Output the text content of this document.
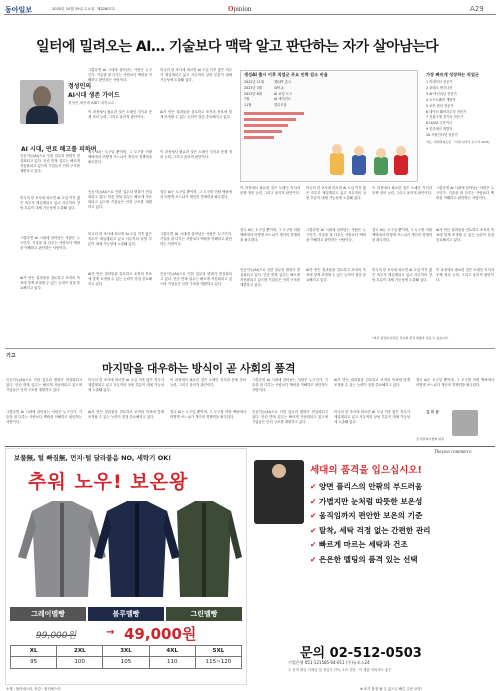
동아일보	2025년 10월 29일 수요일 제32807호	Opinion	A29
일터에 밀려오는 AI… 기술보다 맥락 알고 판단하는 자가 살아남는다
정성민의
AI시대 생존 가이드
정성민 세종대 AIBT 대학교수
AI 시대, 연료 해고를 피하며
인공지능(AI)으로 인한 업무의 변화가 현실화되고 있다. 단순 반복 업무는 빠르게 자동화되고 있으며 기업들은 인력 구조를 재편하고 있다.
미국의 한 조사에 따르면 AI 도입 이후 많은 직무가 재설계되고 있고 사무직의 상당 부분이 대체 가능성에 노출돼 있다.
그렇다면 AI 시대에 살아남는 사람은 누구인가. 기술을 잘 다루는 사람보다 맥락을 이해하고 판단하는 사람이다.
AI가 만든 결과물을 검토하고 조직의 목표에 맞게 조정할 수 있는 능력이 점점 중요해지고 있다.
그렇다면 AI 시대에 살아남는 사람은 누구인가. 기술을 잘 다루는 사람보다 맥락을 이해하고 판단하는 사람이다.
이 과정에서 필요한 것은 도메인 지식과 문제 정의 능력, 그리고 윤리적 판단이다.
결국 AI는 도구일 뿐이며, 그 도구를 어떤 맥락에서 어떻게 쓰느냐가 개인의 경쟁력을 좌우한다.
인공지능(AI)으로 인한 업무의 변화가 현실화되고 있다. 단순 반복 업무는 빠르게 자동화되고 있으며 기업들은 인력 구조를 재편하고 있다.
미국의 한 조사에 따르면 AI 도입 이후 많은 직무가 재설계되고 있고 사무직의 상당 부분이 대체 가능성에 노출돼 있다.
AI가 만든 결과물을 검토하고 조직의 목표에 맞게 조정할 수 있는 능력이 점점 중요해지고 있다.
미국의 한 조사에 따르면 AI 도입 이후 많은 직무가 재설계되고 있고 사무직의 상당 부분이 대체 가능성에 노출돼 있다.
AI가 만든 결과물을 검토하고 조직의 목표에 맞게 조정할 수 있는 능력이 점점 중요해지고 있다.
이 과정에서 필요한 것은 도메인 지식과 문제 정의 능력, 그리고 윤리적 판단이다.
결국 AI는 도구일 뿐이며, 그 도구를 어떤 맥락에서 어떻게 쓰느냐가 개인의 경쟁력을 좌우한다.
그렇다면 AI 시대에 살아남는 사람은 누구인가. 기술을 잘 다루는 사람보다 맥락을 이해하고 판단하는 사람이다.
인공지능(AI)으로 인한 업무의 변화가 현실화되고 있다. 단순 반복 업무는 빠르게 자동화되고 있으며 기업들은 인력 구조를 재편하고 있다.
생성AI 출시 이후 직업군 주요 인력 감소 비율
2022년 11월	챗GPT 출시
2023년 3월	GPT-4
2023년 6월	AI 코딩 도구
7월	AI 에이전트
11월	멀티모달
가장 빠르게 성장하는 직업군
1 빅데이터 전문가
2 핀테크 엔지니어
3 AI·머신러닝 전문가
4 소프트웨어 개발자
5 보안 관리 전문가
6 데이터 웨어하우징 전문가
7 자율주행 전기차 전문가
8 UI/UX 디자이너
9 블록체인 개발자
10 사물인터넷 전문가
자료: 세계경제포럼 「미래 일자리 보고서 2025」
이 과정에서 필요한 것은 도메인 지식과 문제 정의 능력, 그리고 윤리적 판단이다.
결국 AI는 도구일 뿐이며, 그 도구를 어떤 맥락에서 어떻게 쓰느냐가 개인의 경쟁력을 좌우한다.
인공지능(AI)으로 인한 업무의 변화가 현실화되고 있다. 단순 반복 업무는 빠르게 자동화되고 있으며 기업들은 인력 구조를 재편하고 있다.
미국의 한 조사에 따르면 AI 도입 이후 많은 직무가 재설계되고 있고 사무직의 상당 부분이 대체 가능성에 노출돼 있다.
그렇다면 AI 시대에 살아남는 사람은 누구인가. 기술을 잘 다루는 사람보다 맥락을 이해하고 판단하는 사람이다.
AI가 만든 결과물을 검토하고 조직의 목표에 맞게 조정할 수 있는 능력이 점점 중요해지고 있다.
이 과정에서 필요한 것은 도메인 지식과 문제 정의 능력, 그리고 윤리적 판단이다.
결국 AI는 도구일 뿐이며, 그 도구를 어떤 맥락에서 어떻게 쓰느냐가 개인의 경쟁력을 좌우한다.
미국의 한 조사에 따르면 AI 도입 이후 많은 직무가 재설계되고 있고 사무직의 상당 부분이 대체 가능성에 노출돼 있다.
그렇다면 AI 시대에 살아남는 사람은 누구인가. 기술을 잘 다루는 사람보다 맥락을 이해하고 판단하는 사람이다.
AI가 만든 결과물을 검토하고 조직의 목표에 맞게 조정할 수 있는 능력이 점점 중요해지고 있다.
이 과정에서 필요한 것은 도메인 지식과 문제 정의 능력, 그리고 윤리적 판단이다.
*외부 필진의 칼럼은 본보의 편집 방향과 다를 수 있습니다.
기고
마지막을 대우하는 방식이 곧 사회의 품격
인공지능(AI)으로 인한 업무의 변화가 현실화되고 있다. 단순 반복 업무는 빠르게 자동화되고 있으며 기업들은 인력 구조를 재편하고 있다.
그렇다면 AI 시대에 살아남는 사람은 누구인가. 기술을 잘 다루는 사람보다 맥락을 이해하고 판단하는 사람이다.
미국의 한 조사에 따르면 AI 도입 이후 많은 직무가 재설계되고 있고 사무직의 상당 부분이 대체 가능성에 노출돼 있다.
AI가 만든 결과물을 검토하고 조직의 목표에 맞게 조정할 수 있는 능력이 점점 중요해지고 있다.
이 과정에서 필요한 것은 도메인 지식과 문제 정의 능력, 그리고 윤리적 판단이다.
결국 AI는 도구일 뿐이며, 그 도구를 어떤 맥락에서 어떻게 쓰느냐가 개인의 경쟁력을 좌우한다.
그렇다면 AI 시대에 살아남는 사람은 누구인가. 기술을 잘 다루는 사람보다 맥락을 이해하고 판단하는 사람이다.
인공지능(AI)으로 인한 업무의 변화가 현실화되고 있다. 단순 반복 업무는 빠르게 자동화되고 있으며 기업들은 인력 구조를 재편하고 있다.
AI가 만든 결과물을 검토하고 조직의 목표에 맞게 조정할 수 있는 능력이 점점 중요해지고 있다.
미국의 한 조사에 따르면 AI 도입 이후 많은 직무가 재설계되고 있고 사무직의 상당 부분이 대체 가능성에 노출돼 있다.
결국 AI는 도구일 뿐이며, 그 도구를 어떤 맥락에서 어떻게 쓰느냐가 개인의 경쟁력을 좌우한다.
김 미 균
전 대한의사협회 위원
보풀無, 털 빠짐無, 먼지·털 달라붙음 NO, 세탁기 OK!
추워 노우! 보온왕
그레이멜빵	블루멜빵	그린멜빵
99,000원	→ 49,000원
XL	2XL	3XL	4XL	5XL
95	100	105	110	115~120
Thesion commerce
세대의 품격을 입으십시오!
✔ 양면 플리스의 안팎의 부드러움
✔ 가볍지만 눈처럼 따뜻한 보온성
✔ 움직임까지 편안한 보온의 기준
✔ 탈착, 세탁 걱정 없는 간편한 관리
✔ 빠르게 마르는 세탁과 건조
✔ 은은한 멜팅의 품격 있는 선택
문의 02-512-0503
기업은행 051-121585-04-011 (주)뉴포스24
주 문의 평일 이메일 및 영업사 단독, 1차 상담 · 이 제품 이외에도 좋은
소재 : 폴리에스터, 안감 : 폴리에스터	※ 조기 품절 될 수 있으니 빠른 주문 요망!
